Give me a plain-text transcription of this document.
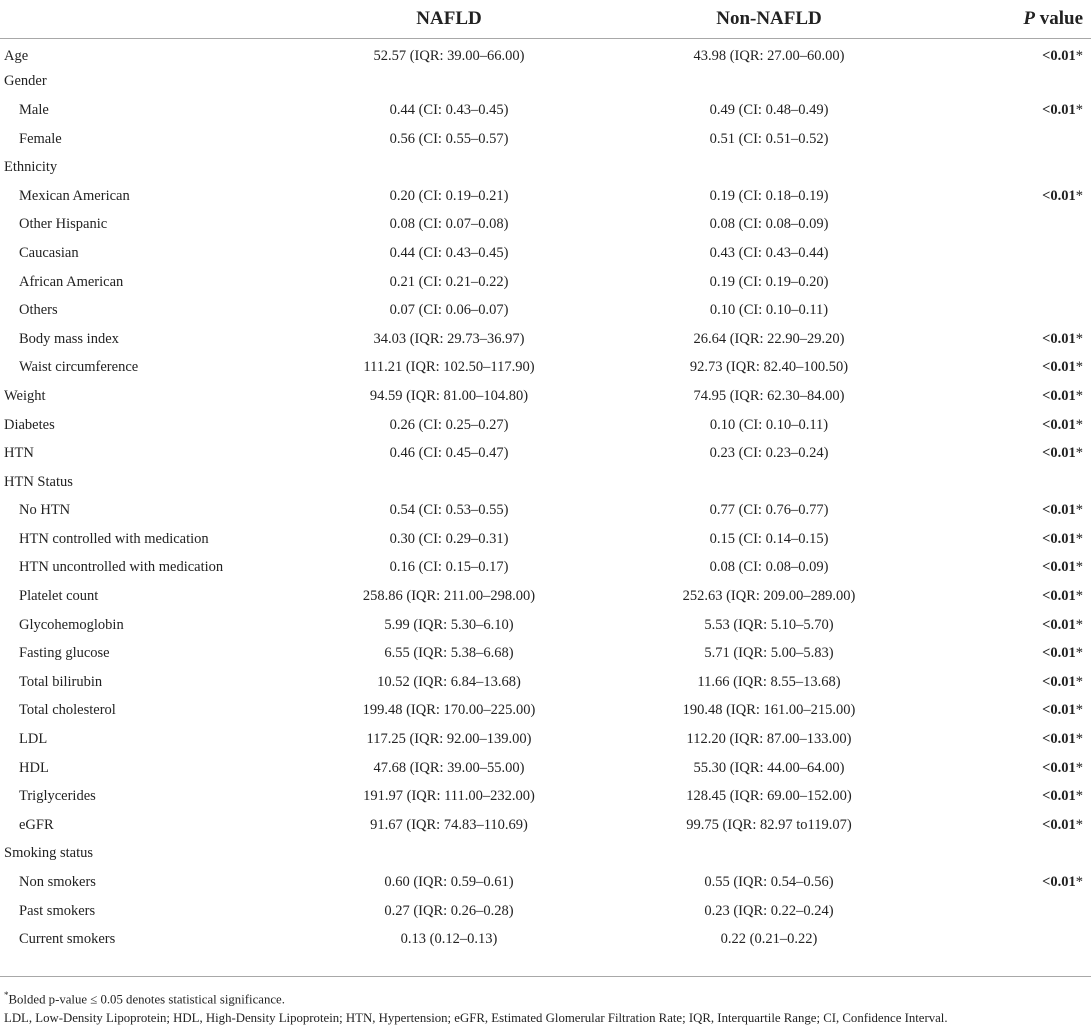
	NAFLD	Non-NAFLD	P value
Age	52.57 (IQR: 39.00–66.00)	43.98 (IQR: 27.00–60.00)	<0.01*
Gender			
Male	0.44 (CI: 0.43–0.45)	0.49 (CI: 0.48–0.49)	<0.01*
Female	0.56 (CI: 0.55–0.57)	0.51 (CI: 0.51–0.52)	
Ethnicity			
Mexican American	0.20 (CI: 0.19–0.21)	0.19 (CI: 0.18–0.19)	<0.01*
Other Hispanic	0.08 (CI: 0.07–0.08)	0.08 (CI: 0.08–0.09)	
Caucasian	0.44 (CI: 0.43–0.45)	0.43 (CI: 0.43–0.44)	
African American	0.21 (CI: 0.21–0.22)	0.19 (CI: 0.19–0.20)	
Others	0.07 (CI: 0.06–0.07)	0.10 (CI: 0.10–0.11)	
Body mass index	34.03 (IQR: 29.73–36.97)	26.64 (IQR: 22.90–29.20)	<0.01*
Waist circumference	111.21 (IQR: 102.50–117.90)	92.73 (IQR: 82.40–100.50)	<0.01*
Weight	94.59 (IQR: 81.00–104.80)	74.95 (IQR: 62.30–84.00)	<0.01*
Diabetes	0.26 (CI: 0.25–0.27)	0.10 (CI: 0.10–0.11)	<0.01*
HTN	0.46 (CI: 0.45–0.47)	0.23 (CI: 0.23–0.24)	<0.01*
HTN Status			
No HTN	0.54 (CI: 0.53–0.55)	0.77 (CI: 0.76–0.77)	<0.01*
HTN controlled with medication	0.30 (CI: 0.29–0.31)	0.15 (CI: 0.14–0.15)	<0.01*
HTN uncontrolled with medication	0.16 (CI: 0.15–0.17)	0.08 (CI: 0.08–0.09)	<0.01*
Platelet count	258.86 (IQR: 211.00–298.00)	252.63 (IQR: 209.00–289.00)	<0.01*
Glycohemoglobin	5.99 (IQR: 5.30–6.10)	5.53 (IQR: 5.10–5.70)	<0.01*
Fasting glucose	6.55 (IQR: 5.38–6.68)	5.71 (IQR: 5.00–5.83)	<0.01*
Total bilirubin	10.52 (IQR: 6.84–13.68)	11.66 (IQR: 8.55–13.68)	<0.01*
Total cholesterol	199.48 (IQR: 170.00–225.00)	190.48 (IQR: 161.00–215.00)	<0.01*
LDL	117.25 (IQR: 92.00–139.00)	112.20 (IQR: 87.00–133.00)	<0.01*
HDL	47.68 (IQR: 39.00–55.00)	55.30 (IQR: 44.00–64.00)	<0.01*
Triglycerides	191.97 (IQR: 111.00–232.00)	128.45 (IQR: 69.00–152.00)	<0.01*
eGFR	91.67 (IQR: 74.83–110.69)	99.75 (IQR: 82.97 to119.07)	<0.01*
Smoking status			
Non smokers	0.60 (IQR: 0.59–0.61)	0.55 (IQR: 0.54–0.56)	<0.01*
Past smokers	0.27 (IQR: 0.26–0.28)	0.23 (IQR: 0.22–0.24)	
Current smokers	0.13 (0.12–0.13)	0.22 (0.21–0.22)	
*Bolded p-value ≤ 0.05 denotes statistical significance.
LDL, Low-Density Lipoprotein; HDL, High-Density Lipoprotein; HTN, Hypertension; eGFR, Estimated Glomerular Filtration Rate; IQR, Interquartile Range; CI, Confidence Interval.
